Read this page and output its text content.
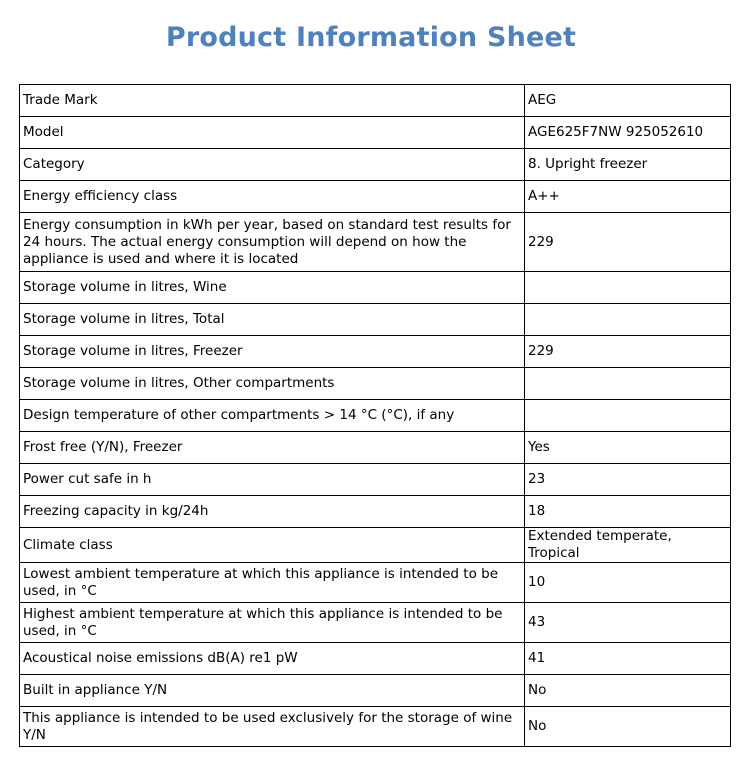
Product Information Sheet
Trade Mark	AEG
Model	AGE625F7NW 925052610
Category	8. Upright freezer
Energy efficiency class	A++
Energy consumption in kWh per year, based on standard test results for 24 hours. The actual energy consumption will depend on how the appliance is used and where it is located	229
Storage volume in litres, Wine	
Storage volume in litres, Total	
Storage volume in litres, Freezer	229
Storage volume in litres, Other compartments	
Design temperature of other compartments > 14 °C (°C), if any	
Frost free (Y/N), Freezer	Yes
Power cut safe in h	23
Freezing capacity in kg/24h	18
Climate class	Extended temperate, Tropical
Lowest ambient temperature at which this appliance is intended to be used, in °C	10
Highest ambient temperature at which this appliance is intended to be used, in °C	43
Acoustical noise emissions dB(A) re1 pW	41
Built in appliance Y/N	No
This appliance is intended to be used exclusively for the storage of wine Y/N	No
